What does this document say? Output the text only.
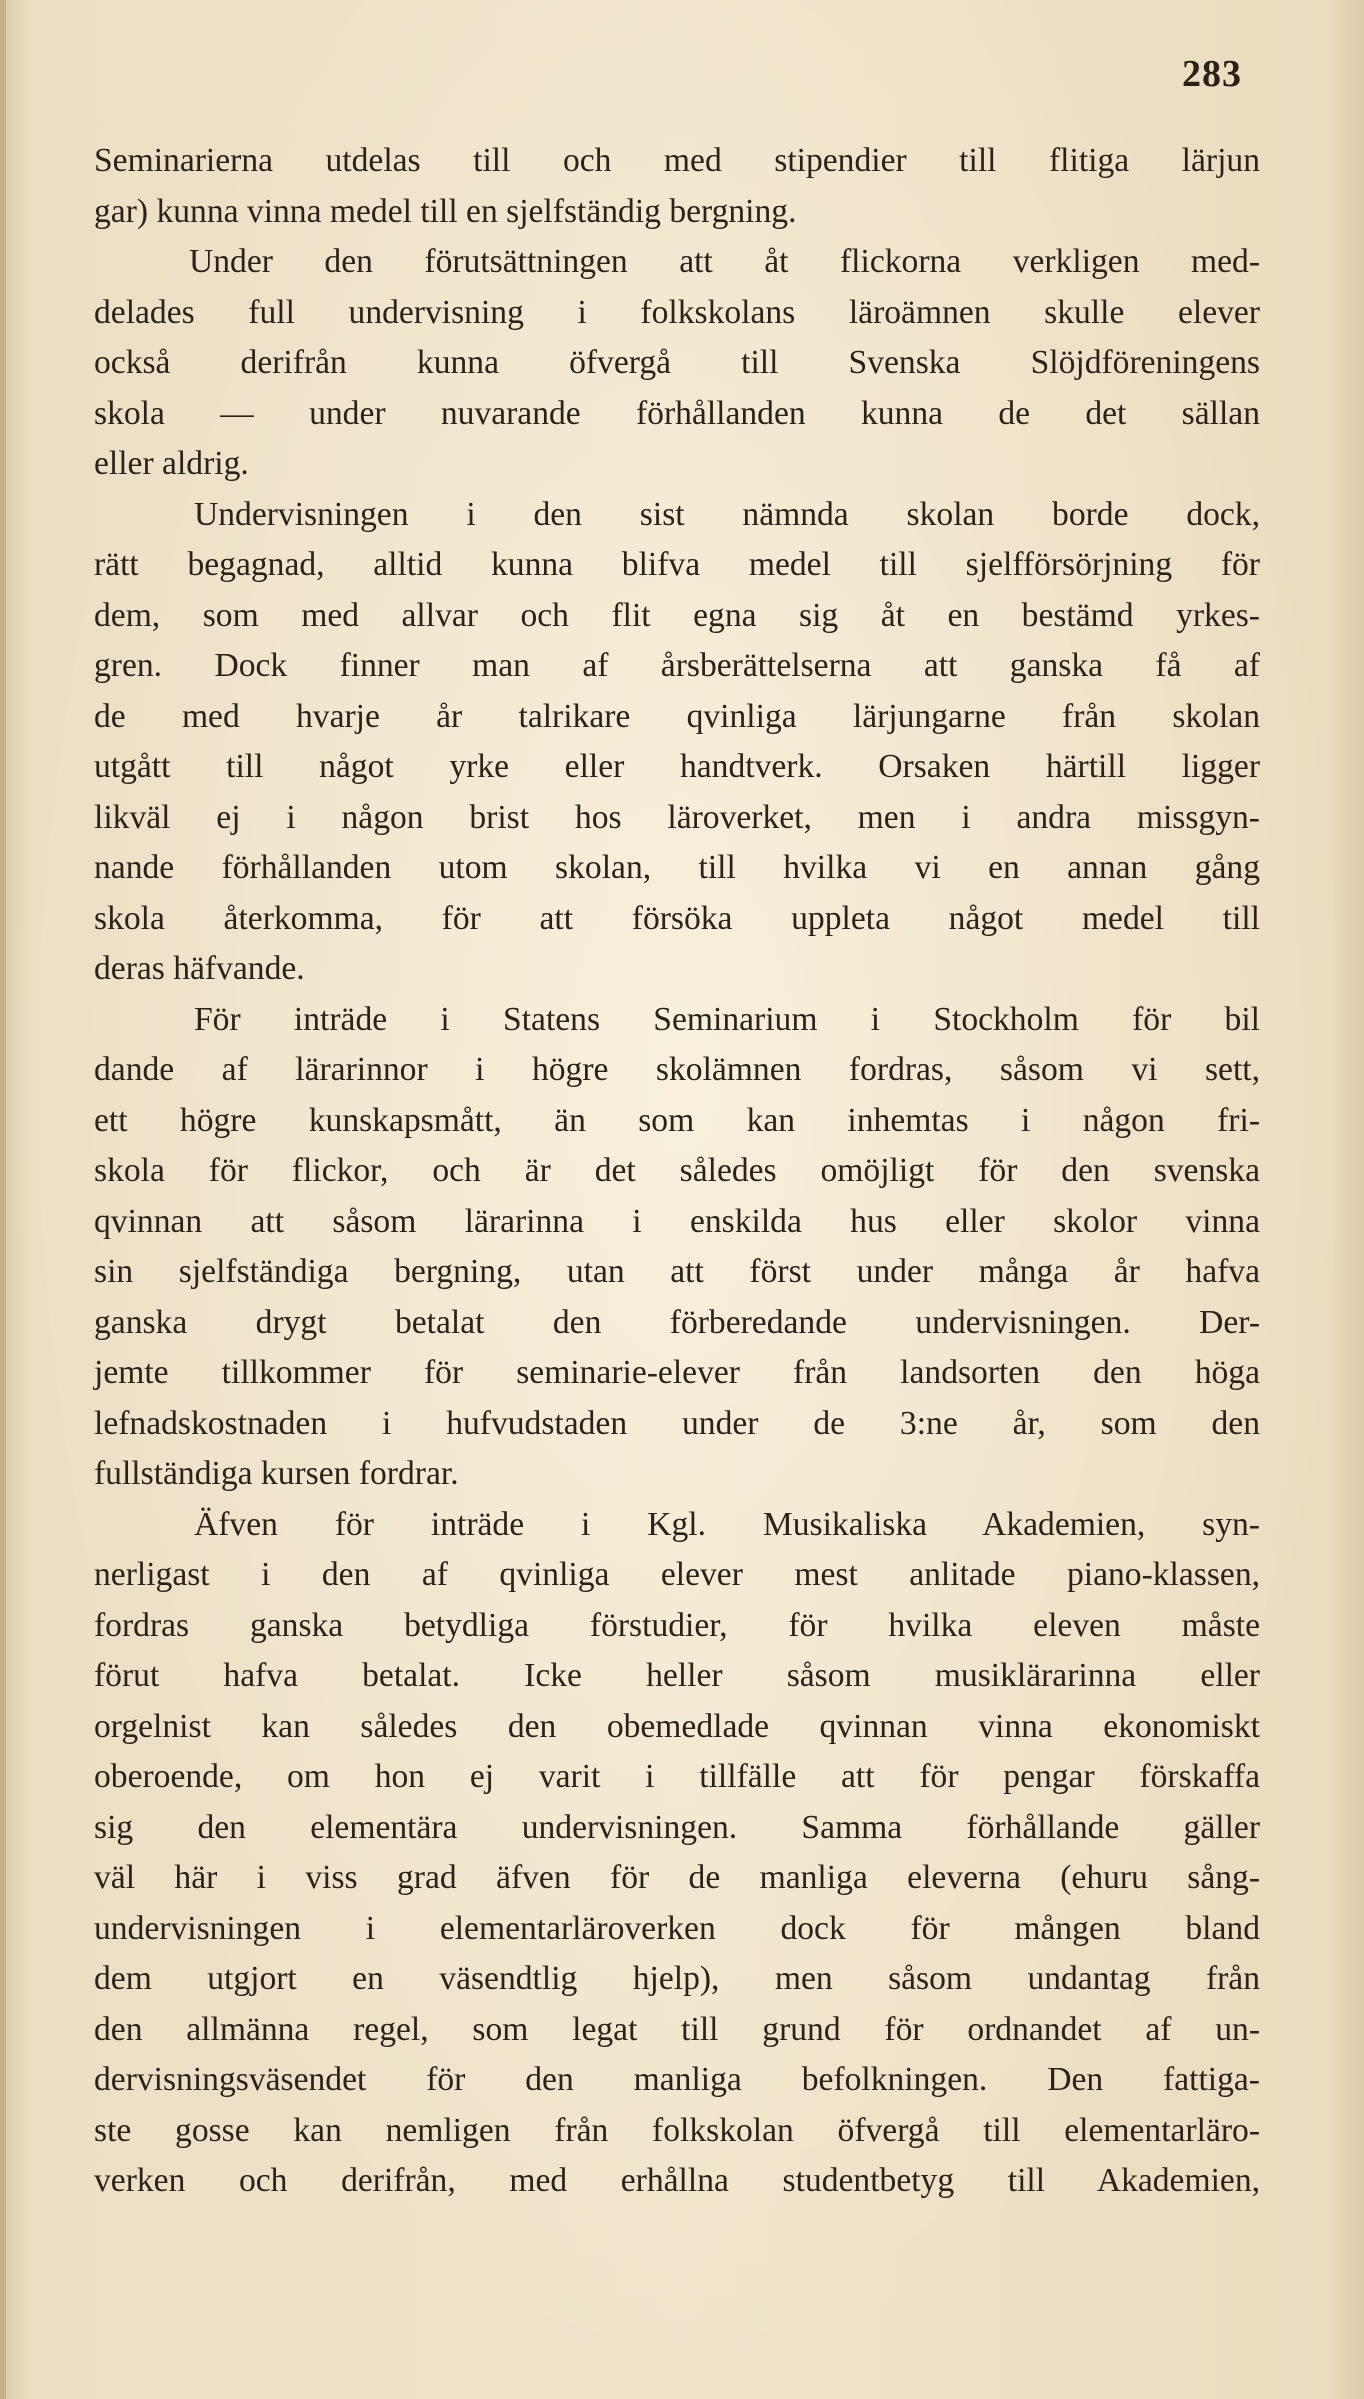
283
Seminarierna utdelas till och med stipendier till flitiga lärjun
gar) kunna vinna medel till en sjelfständig bergning.
Under den förutsättningen att åt flickorna verkligen med-
delades full undervisning i folkskolans läroämnen skulle elever
också derifrån kunna öfvergå till Svenska Slöjdföreningens
skola — under nuvarande förhållanden kunna de det sällan
eller aldrig.
Undervisningen i den sist nämnda skolan borde dock,
rätt begagnad, alltid kunna blifva medel till sjelfförsörjning för
dem, som med allvar och flit egna sig åt en bestämd yrkes-
gren. Dock finner man af årsberättelserna att ganska få af
de med hvarje år talrikare qvinliga lärjungarne från skolan
utgått till något yrke eller handtverk. Orsaken härtill ligger
likväl ej i någon brist hos läroverket, men i andra missgyn-
nande förhållanden utom skolan, till hvilka vi en annan gång
skola återkomma, för att försöka uppleta något medel till
deras häfvande.
För inträde i Statens Seminarium i Stockholm för bil
dande af lärarinnor i högre skolämnen fordras, såsom vi sett,
ett högre kunskapsmått, än som kan inhemtas i någon fri-
skola för flickor, och är det således omöjligt för den svenska
qvinnan att såsom lärarinna i enskilda hus eller skolor vinna
sin sjelfständiga bergning, utan att först under många år hafva
ganska drygt betalat den förberedande undervisningen. Der-
jemte tillkommer för seminarie-elever från landsorten den höga
lefnadskostnaden i hufvudstaden under de 3:ne år, som den
fullständiga kursen fordrar.
Äfven för inträde i Kgl. Musikaliska Akademien, syn-
nerligast i den af qvinliga elever mest anlitade piano-klassen,
fordras ganska betydliga förstudier, för hvilka eleven måste
förut hafva betalat. Icke heller såsom musiklärarinna eller
orgelnist kan således den obemedlade qvinnan vinna ekonomiskt
oberoende, om hon ej varit i tillfälle att för pengar förskaffa
sig den elementära undervisningen. Samma förhållande gäller
väl här i viss grad äfven för de manliga eleverna (ehuru sång-
undervisningen i elementarläroverken dock för mången bland
dem utgjort en väsendtlig hjelp), men såsom undantag från
den allmänna regel, som legat till grund för ordnandet af un-
dervisningsväsendet för den manliga befolkningen. Den fattiga-
ste gosse kan nemligen från folkskolan öfvergå till elementarläro-
verken och derifrån, med erhållna studentbetyg till Akademien,
